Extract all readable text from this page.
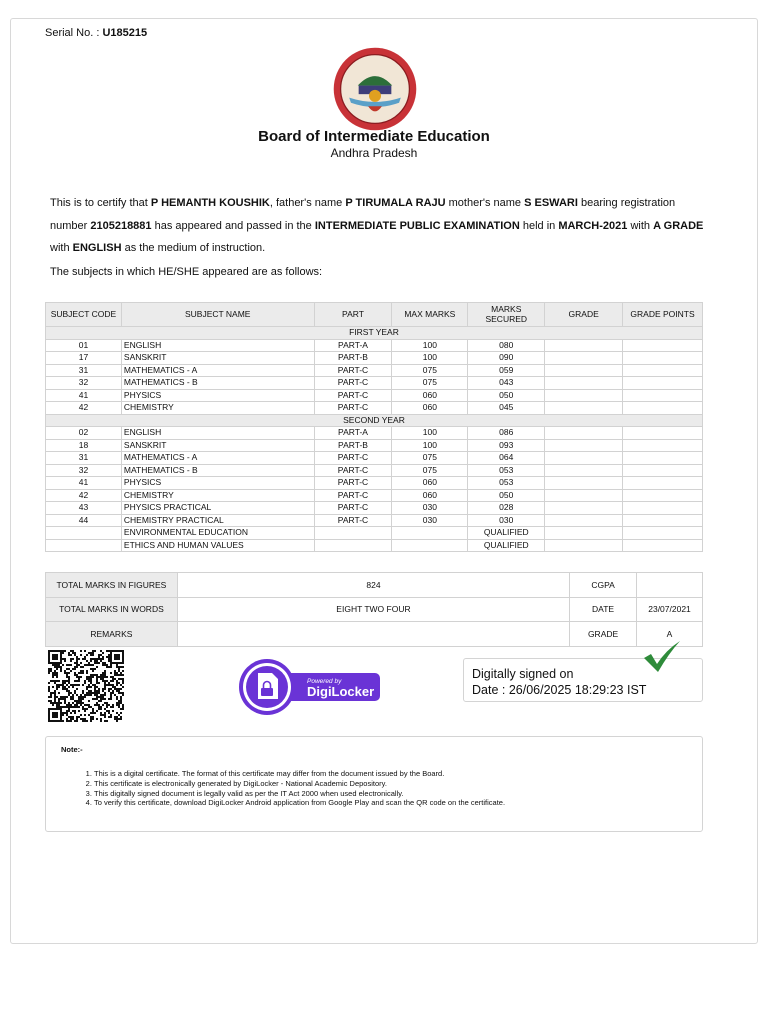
Serial No. : U185215
Board of Intermediate Education
Andhra Pradesh
This is to certify that P HEMANTH KOUSHIK, father's name P TIRUMALA RAJU mother's name S ESWARI bearing registration number 2105218881 has appeared and passed in the INTERMEDIATE PUBLIC EXAMINATION held in MARCH-2021 with A GRADE with ENGLISH as the medium of instruction.
The subjects in which HE/SHE appeared are as follows:
SUBJECT CODE	SUBJECT NAME	PART	MAX MARKS	MARKS SECURED	GRADE	GRADE POINTS
FIRST YEAR						
01	ENGLISH	PART-A	100	080		
17	SANSKRIT	PART-B	100	090		
31	MATHEMATICS - A	PART-C	075	059		
32	MATHEMATICS - B	PART-C	075	043		
41	PHYSICS	PART-C	060	050		
42	CHEMISTRY	PART-C	060	045		
SECOND YEAR						
02	ENGLISH	PART-A	100	086		
18	SANSKRIT	PART-B	100	093		
31	MATHEMATICS - A	PART-C	075	064		
32	MATHEMATICS - B	PART-C	075	053		
41	PHYSICS	PART-C	060	053		
42	CHEMISTRY	PART-C	060	050		
43	PHYSICS PRACTICAL	PART-C	030	028		
44	CHEMISTRY PRACTICAL	PART-C	030	030		
	ENVIRONMENTAL EDUCATION			QUALIFIED		
	ETHICS AND HUMAN VALUES			QUALIFIED		
TOTAL MARKS IN FIGURES	824	CGPA	
TOTAL MARKS IN WORDS	EIGHT TWO FOUR	DATE	23/07/2021
REMARKS		GRADE	A
Powered by
DigiLocker
Digitally signed on
Date : 26/06/2025 18:29:23 IST
Note:-
1. This is a digital certificate. The format of this certificate may differ from the document issued by the Board.
2. This certificate is electronically generated by DigiLocker - National Academic Depository.
3. This digitally signed document is legally valid as per the IT Act 2000 when used electronically.
4. To verify this certificate, download DigiLocker Android application from Google Play and scan the QR code on the certificate.
